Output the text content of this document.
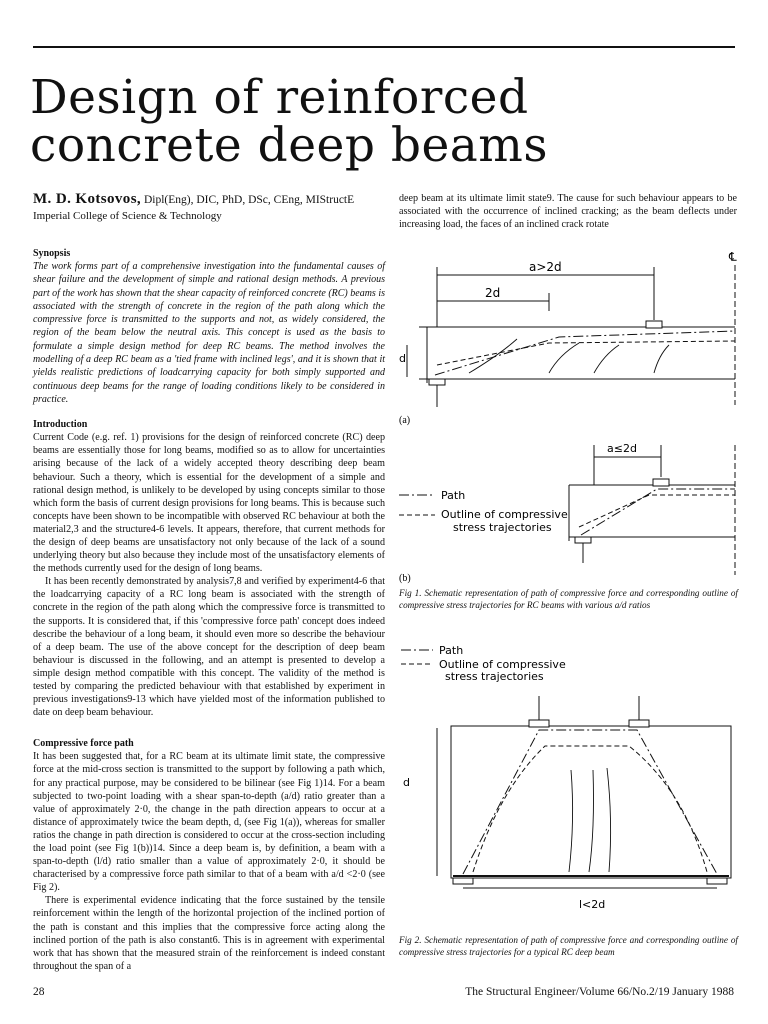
Design of reinforced concrete deep beams
M. D. Kotsovos, Dipl(Eng), DIC, PhD, DSc, CEng, MIStructE
Imperial College of Science & Technology
Synopsis

The work forms part of a comprehensive investigation into the fundamental causes of shear failure and the development of simple and rational design methods. A previous part of the work has shown that the shear capacity of reinforced concrete (RC) beams is associated with the strength of concrete in the region of the path along which the compressive force is transmitted to the supports and not, as widely considered, the region of the beam below the neutral axis. This concept is used as the basis to formulate a simple design method for deep RC beams. The method involves the modelling of a deep RC beam as a 'tied frame with inclined legs', and it is shown that it yields realistic predictions of loadcarrying capacity for both simply supported and continuous deep beams for the range of loading conditions likely to be considered in practice.

Introduction

Current Code (e.g. ref. 1) provisions for the design of reinforced concrete (RC) deep beams are essentially those for long beams, modified so as to allow for uncertainties arising because of the lack of a widely accepted theory describing deep beam behaviour. Such a theory, which is essential for the development of a simple and rational design method, is unlikely to be developed by using concepts similar to those which form the basis of current design provisions for long beams. This is because such concepts have been shown to be incompatible with observed RC behaviour at both the material2,3 and the structure4-6 levels. It appears, therefore, that current methods for the design of deep beams are unsatisfactory not only because of the lack of a sound underlying theory but also because they include most of the unsatisfactory elements of the methods currently used for the design of long beams.

It has been recently demonstrated by analysis7,8 and verified by experiment4-6 that the loadcarrying capacity of a RC long beam is associated with the strength of concrete in the region of the path along which the compressive force is transmitted to the supports. It is considered that, if this 'compressive force path' concept does indeed describe the behaviour of a long beam, it should even more so describe the behaviour of a deep beam. The use of the above concept for the description of deep beam behaviour is discussed in the following, and an attempt is presented to develop a simple design method compatible with this concept. The validity of the method is tested by comparing the predicted behaviour with that established by experiment in previous investigations9-13 which have yielded most of the information published to date on deep beam behaviour.

Compressive force path

It has been suggested that, for a RC beam at its ultimate limit state, the compressive force at the mid-cross section is transmitted to the support by following a path which, for any practical purpose, may be considered to be bilinear (see Fig 1)14. For a beam subjected to two-point loading with a shear span-to-depth (a/d) ratio greater than a value of approximately 2·0, the change in the path direction appears to occur at a distance of approximately twice the beam depth, d, (see Fig 1(a)), whereas for smaller ratios the change in path direction is considered to occur at the cross-section including the load point (see Fig 1(b))14. Since a deep beam is, by definition, a beam with a span-to-depth (l/d) ratio smaller than a value of approximately 2·0, it should be characterised by a compressive force path similar to that of a beam with a/d <2·0 (see Fig 2).

There is experimental evidence indicating that the force sustained by the tensile reinforcement within the length of the horizontal projection of the inclined portion of the path is constant and this implies that the compressive force acting along the inclined portion of the path is also constant6. This is in agreement with experimental work that has shown that the measured strain of the reinforcement is indeed constant throughout the span of a

deep beam at its ultimate limit state9. The cause for such behaviour appears to be associated with the occurrence of inclined cracking; as the beam deflects under increasing load, the faces of an inclined crack rotate

a>2d
2d
d
℄
(a)
a≤2d
Path
Outline of compressive
stress trajectories
(b)
Fig 1. Schematic representation of path of compressive force and corresponding outline of compressive stress trajectories for RC beams with various a/d ratios
Path
Outline of compressive
stress trajectories
d
l<2d
Fig 2. Schematic representation of path of compressive force and corresponding outline of compressive stress trajectories for a typical RC deep beam
28	The Structural Engineer/Volume 66/No.2/19 January 1988
